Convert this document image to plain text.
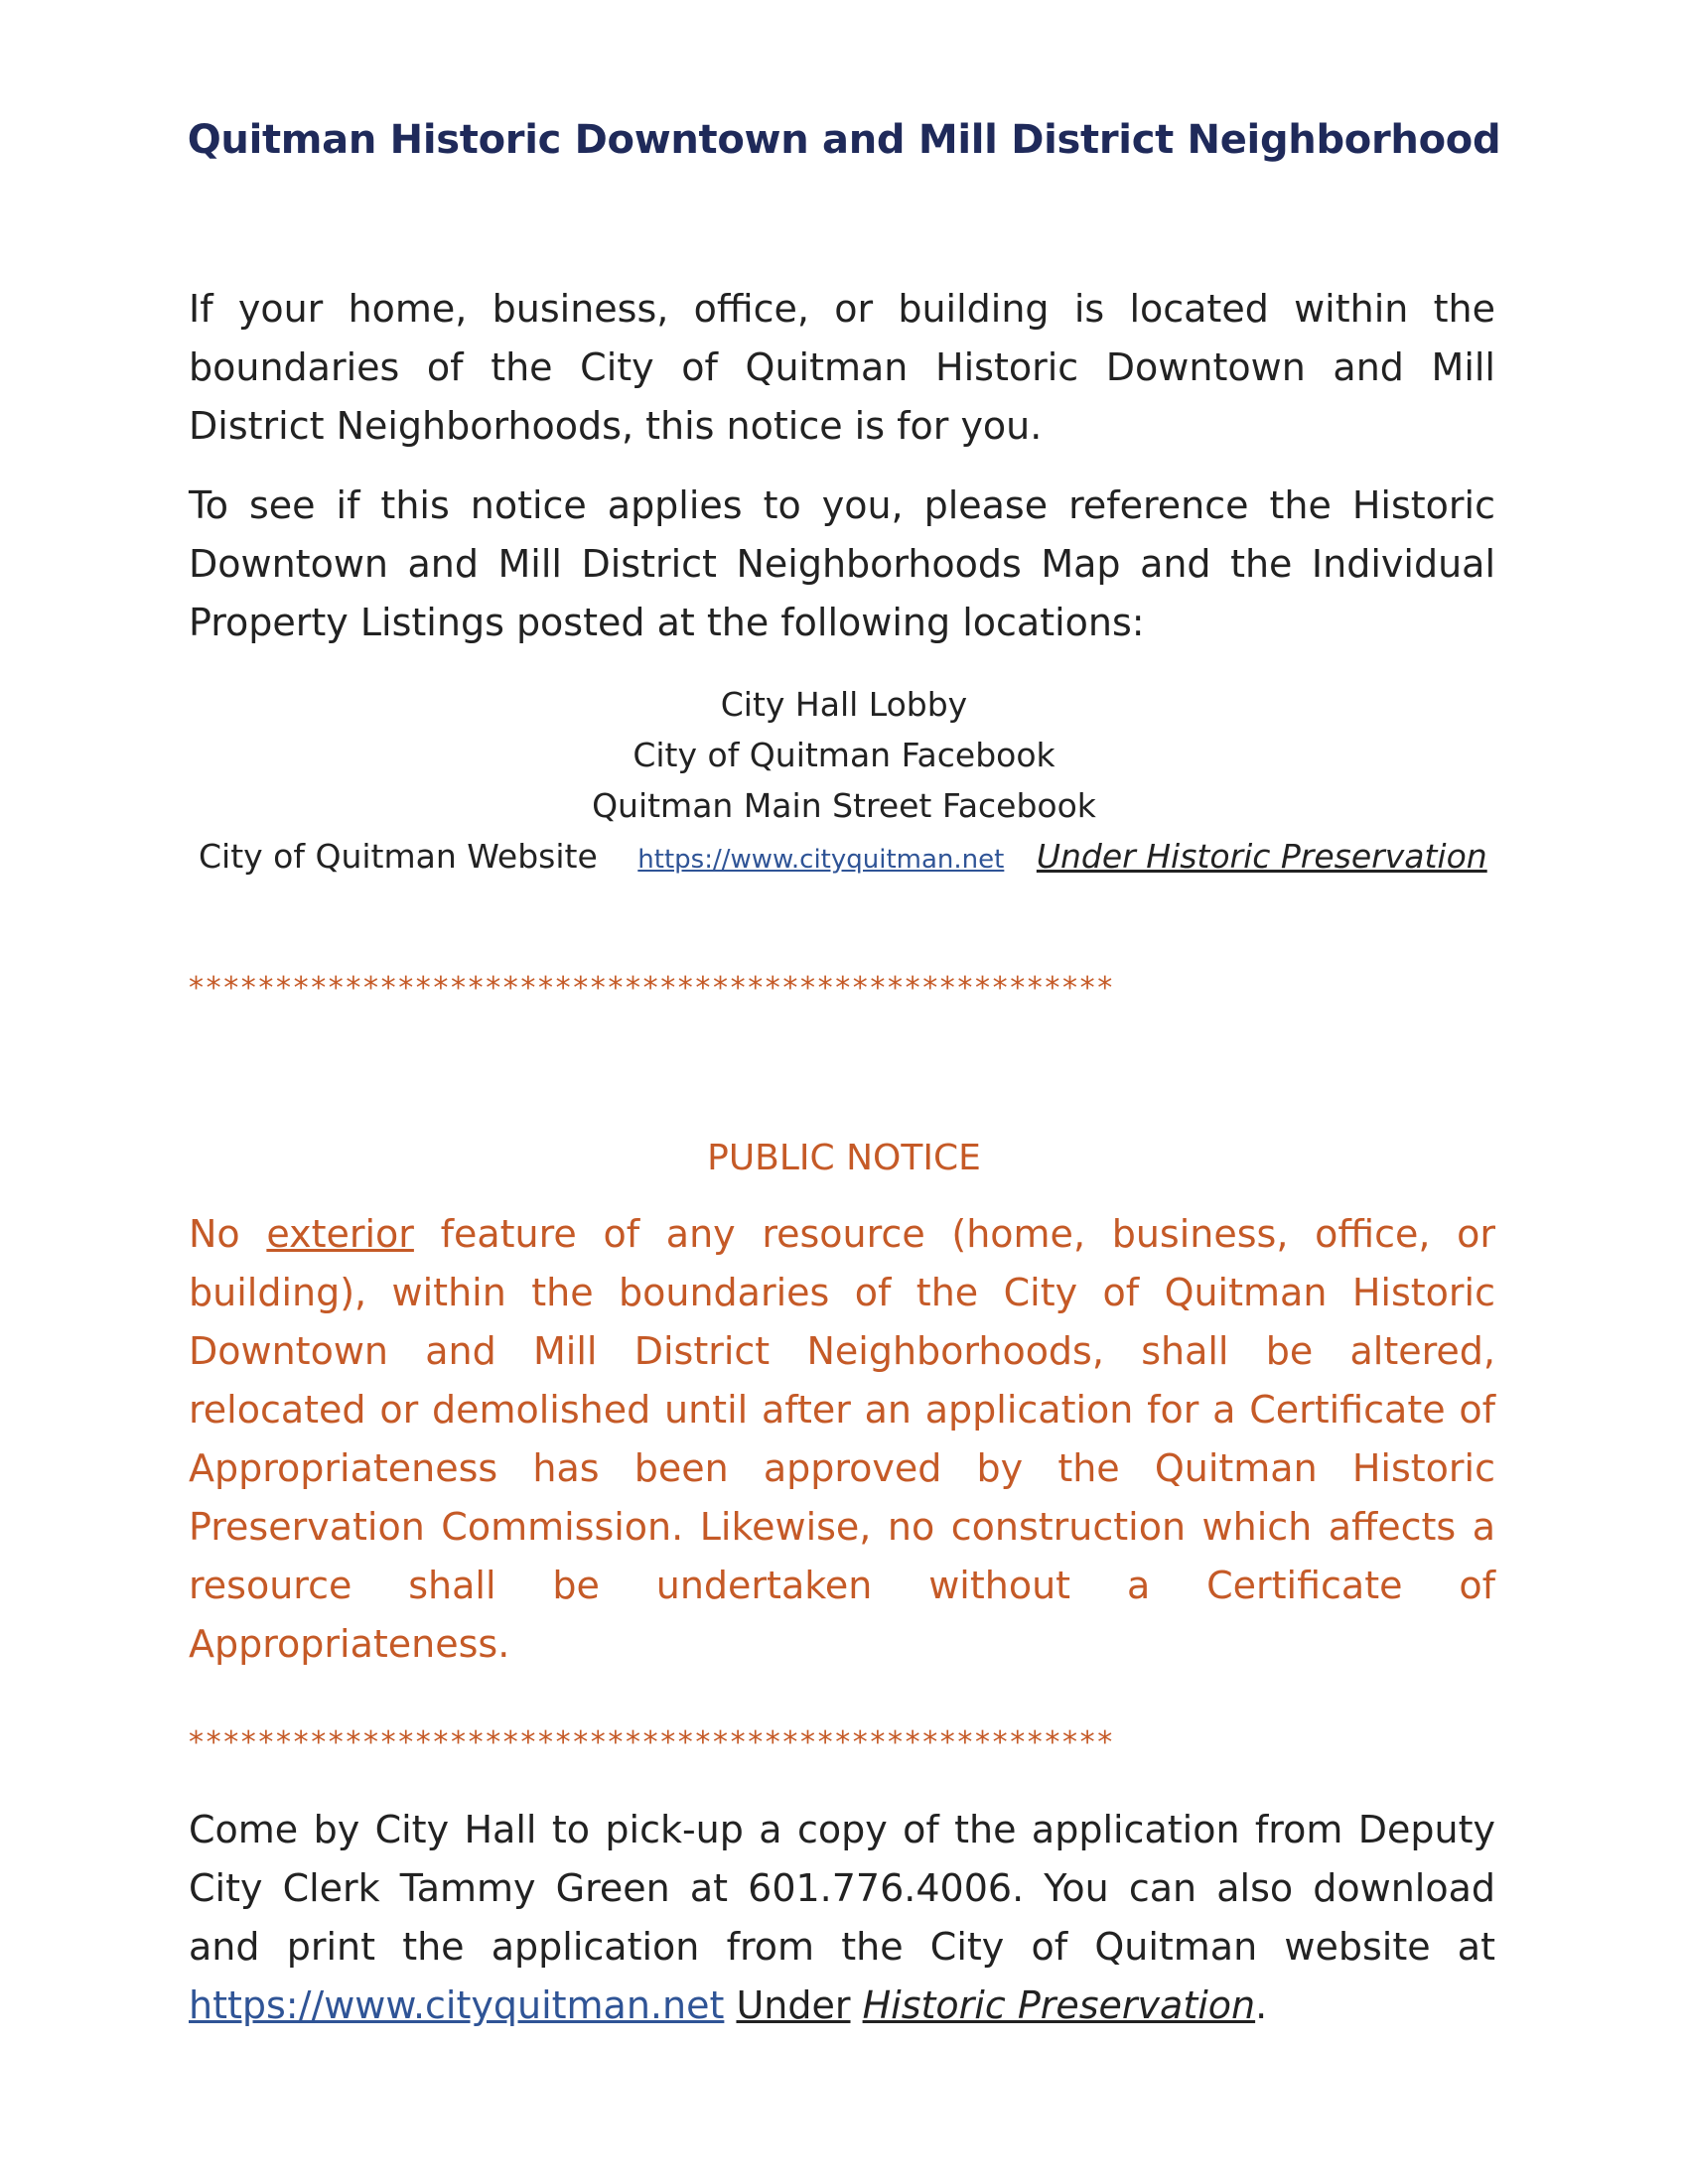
Quitman Historic Downtown and Mill District Neighborhood
If your home, business, office, or building is located within the boundaries of the City of Quitman Historic Downtown and Mill District Neighborhoods, this notice is for you.
To see if this notice applies to you, please reference the Historic Downtown and Mill District Neighborhoods Map and the Individual Property Listings posted at the following locations:
City Hall Lobby
City of Quitman Facebook
Quitman Main Street Facebook
City of Quitman Website https://www.cityquitman.net Under Historic Preservation
*****************************************************
PUBLIC NOTICE
No exterior feature of any resource (home, business, office, or building), within the boundaries of the City of Quitman Historic Downtown and Mill District Neighborhoods, shall be altered, relocated or demolished until after an application for a Certificate of Appropriateness has been approved by the Quitman Historic Preservation Commission. Likewise, no construction which affects a resource shall be undertaken without a Certificate of Appropriateness.
*****************************************************
Come by City Hall to pick-up a copy of the application from Deputy City Clerk Tammy Green at 601.776.4006. You can also download and print the application from the City of Quitman website at https://www.cityquitman.net Under Historic Preservation.
